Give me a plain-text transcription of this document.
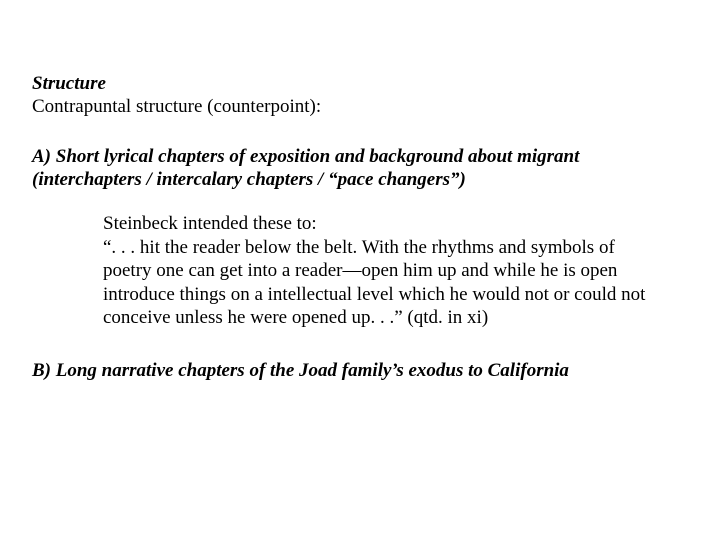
Structure

Contrapuntal structure (counterpoint):

A) Short lyrical chapters of exposition and background about migrant

(interchapters / intercalary chapters / “pace changers”)

Steinbeck intended these to:

“. . . hit the reader below the belt. With the rhythms and symbols of

poetry one can get into a reader—open him up and while he is open

introduce things on a intellectual level which he would not or could not

conceive unless he were opened up. . .” (qtd. in xi)

B) Long narrative chapters of the Joad family’s exodus to California
